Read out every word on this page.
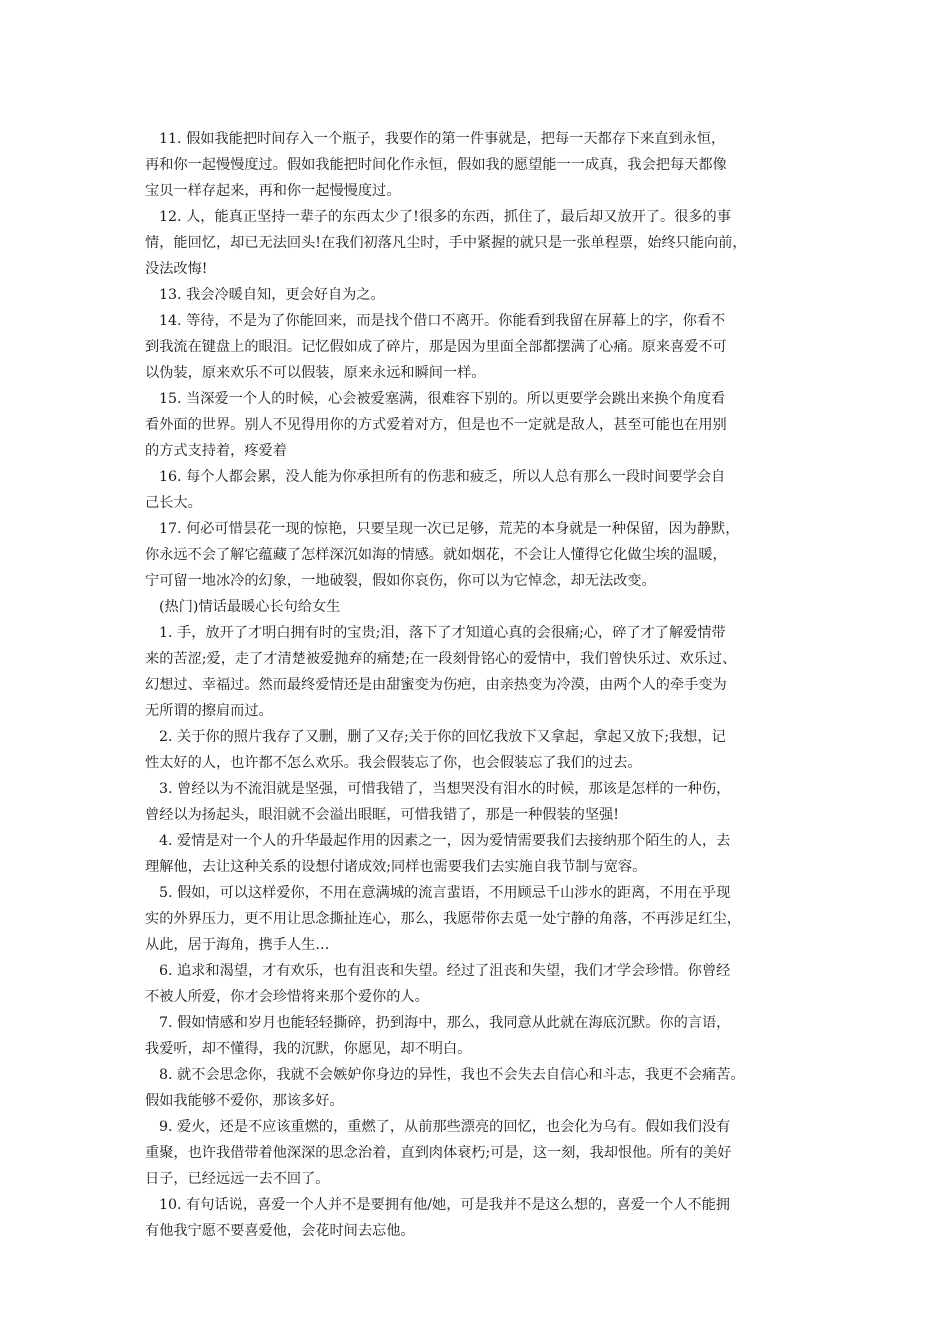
11. 假如我能把时间存入一个瓶子，我要作的第一件事就是，把每一天都存下来直到永恒，
再和你一起慢慢度过。假如我能把时间化作永恒，假如我的愿望能一一成真，我会把每天都像
宝贝一样存起来，再和你一起慢慢度过。
12. 人，能真正坚持一辈子的东西太少了!很多的东西，抓住了，最后却又放开了。很多的事
情，能回忆，却已无法回头!在我们初落凡尘时，手中紧握的就只是一张单程票，始终只能向前，
没法改悔!
13. 我会冷暖自知，更会好自为之。
14. 等待，不是为了你能回来，而是找个借口不离开。你能看到我留在屏幕上的字，你看不
到我流在键盘上的眼泪。记忆假如成了碎片，那是因为里面全部都摆满了心痛。原来喜爱不可
以伪装，原来欢乐不可以假装，原来永远和瞬间一样。
15. 当深爱一个人的时候，心会被爱塞满，很难容下别的。所以更要学会跳出来换个角度看
看外面的世界。别人不见得用你的方式爱着对方，但是也不一定就是敌人，甚至可能也在用别
的方式支持着，疼爱着
16. 每个人都会累，没人能为你承担所有的伤悲和疲乏，所以人总有那么一段时间要学会自
己长大。
17. 何必可惜昙花一现的惊艳，只要呈现一次已足够，荒芜的本身就是一种保留，因为静默，
你永远不会了解它蕴藏了怎样深沉如海的情感。就如烟花，不会让人懂得它化做尘埃的温暖，
宁可留一地冰冷的幻象，一地破裂，假如你哀伤，你可以为它悼念，却无法改变。
(热门)情话最暖心长句给女生
1. 手，放开了才明白拥有时的宝贵;泪，落下了才知道心真的会很痛;心，碎了才了解爱情带
来的苦涩;爱，走了才清楚被爱抛弃的痛楚;在一段刻骨铭心的爱情中，我们曾快乐过、欢乐过、
幻想过、幸福过。然而最终爱情还是由甜蜜变为伤疤，由亲热变为冷漠，由两个人的牵手变为
无所谓的擦肩而过。
2. 关于你的照片我存了又删，删了又存;关于你的回忆我放下又拿起，拿起又放下;我想，记
性太好的人，也许都不怎么欢乐。我会假装忘了你，也会假装忘了我们的过去。
3. 曾经以为不流泪就是坚强，可惜我错了，当想哭没有泪水的时候，那该是怎样的一种伤，
曾经以为扬起头，眼泪就不会溢出眼眶，可惜我错了，那是一种假装的坚强!
4. 爱情是对一个人的升华最起作用的因素之一，因为爱情需要我们去接纳那个陌生的人，去
理解他，去让这种关系的设想付诸成效;同样也需要我们去实施自我节制与宽容。
5. 假如，可以这样爱你，不用在意满城的流言蜚语，不用顾忌千山涉水的距离，不用在乎现
实的外界压力，更不用让思念撕扯连心，那么，我愿带你去觅一处宁静的角落，不再涉足红尘，
从此，居于海角，携手人生…
6. 追求和渴望，才有欢乐，也有沮丧和失望。经过了沮丧和失望，我们才学会珍惜。你曾经
不被人所爱，你才会珍惜将来那个爱你的人。
7. 假如情感和岁月也能轻轻撕碎，扔到海中，那么，我同意从此就在海底沉默。你的言语，
我爱听，却不懂得，我的沉默，你愿见，却不明白。
8. 就不会思念你，我就不会嫉妒你身边的异性，我也不会失去自信心和斗志，我更不会痛苦。
假如我能够不爱你，那该多好。
9. 爱火，还是不应该重燃的，重燃了，从前那些漂亮的回忆，也会化为乌有。假如我们没有
重聚，也许我借带着他深深的思念治着，直到肉体衰朽;可是，这一刻，我却恨他。所有的美好
日子，已经远远一去不回了。
10. 有句话说，喜爱一个人并不是要拥有他/她，可是我并不是这么想的，喜爱一个人不能拥
有他我宁愿不要喜爱他，会花时间去忘他。
